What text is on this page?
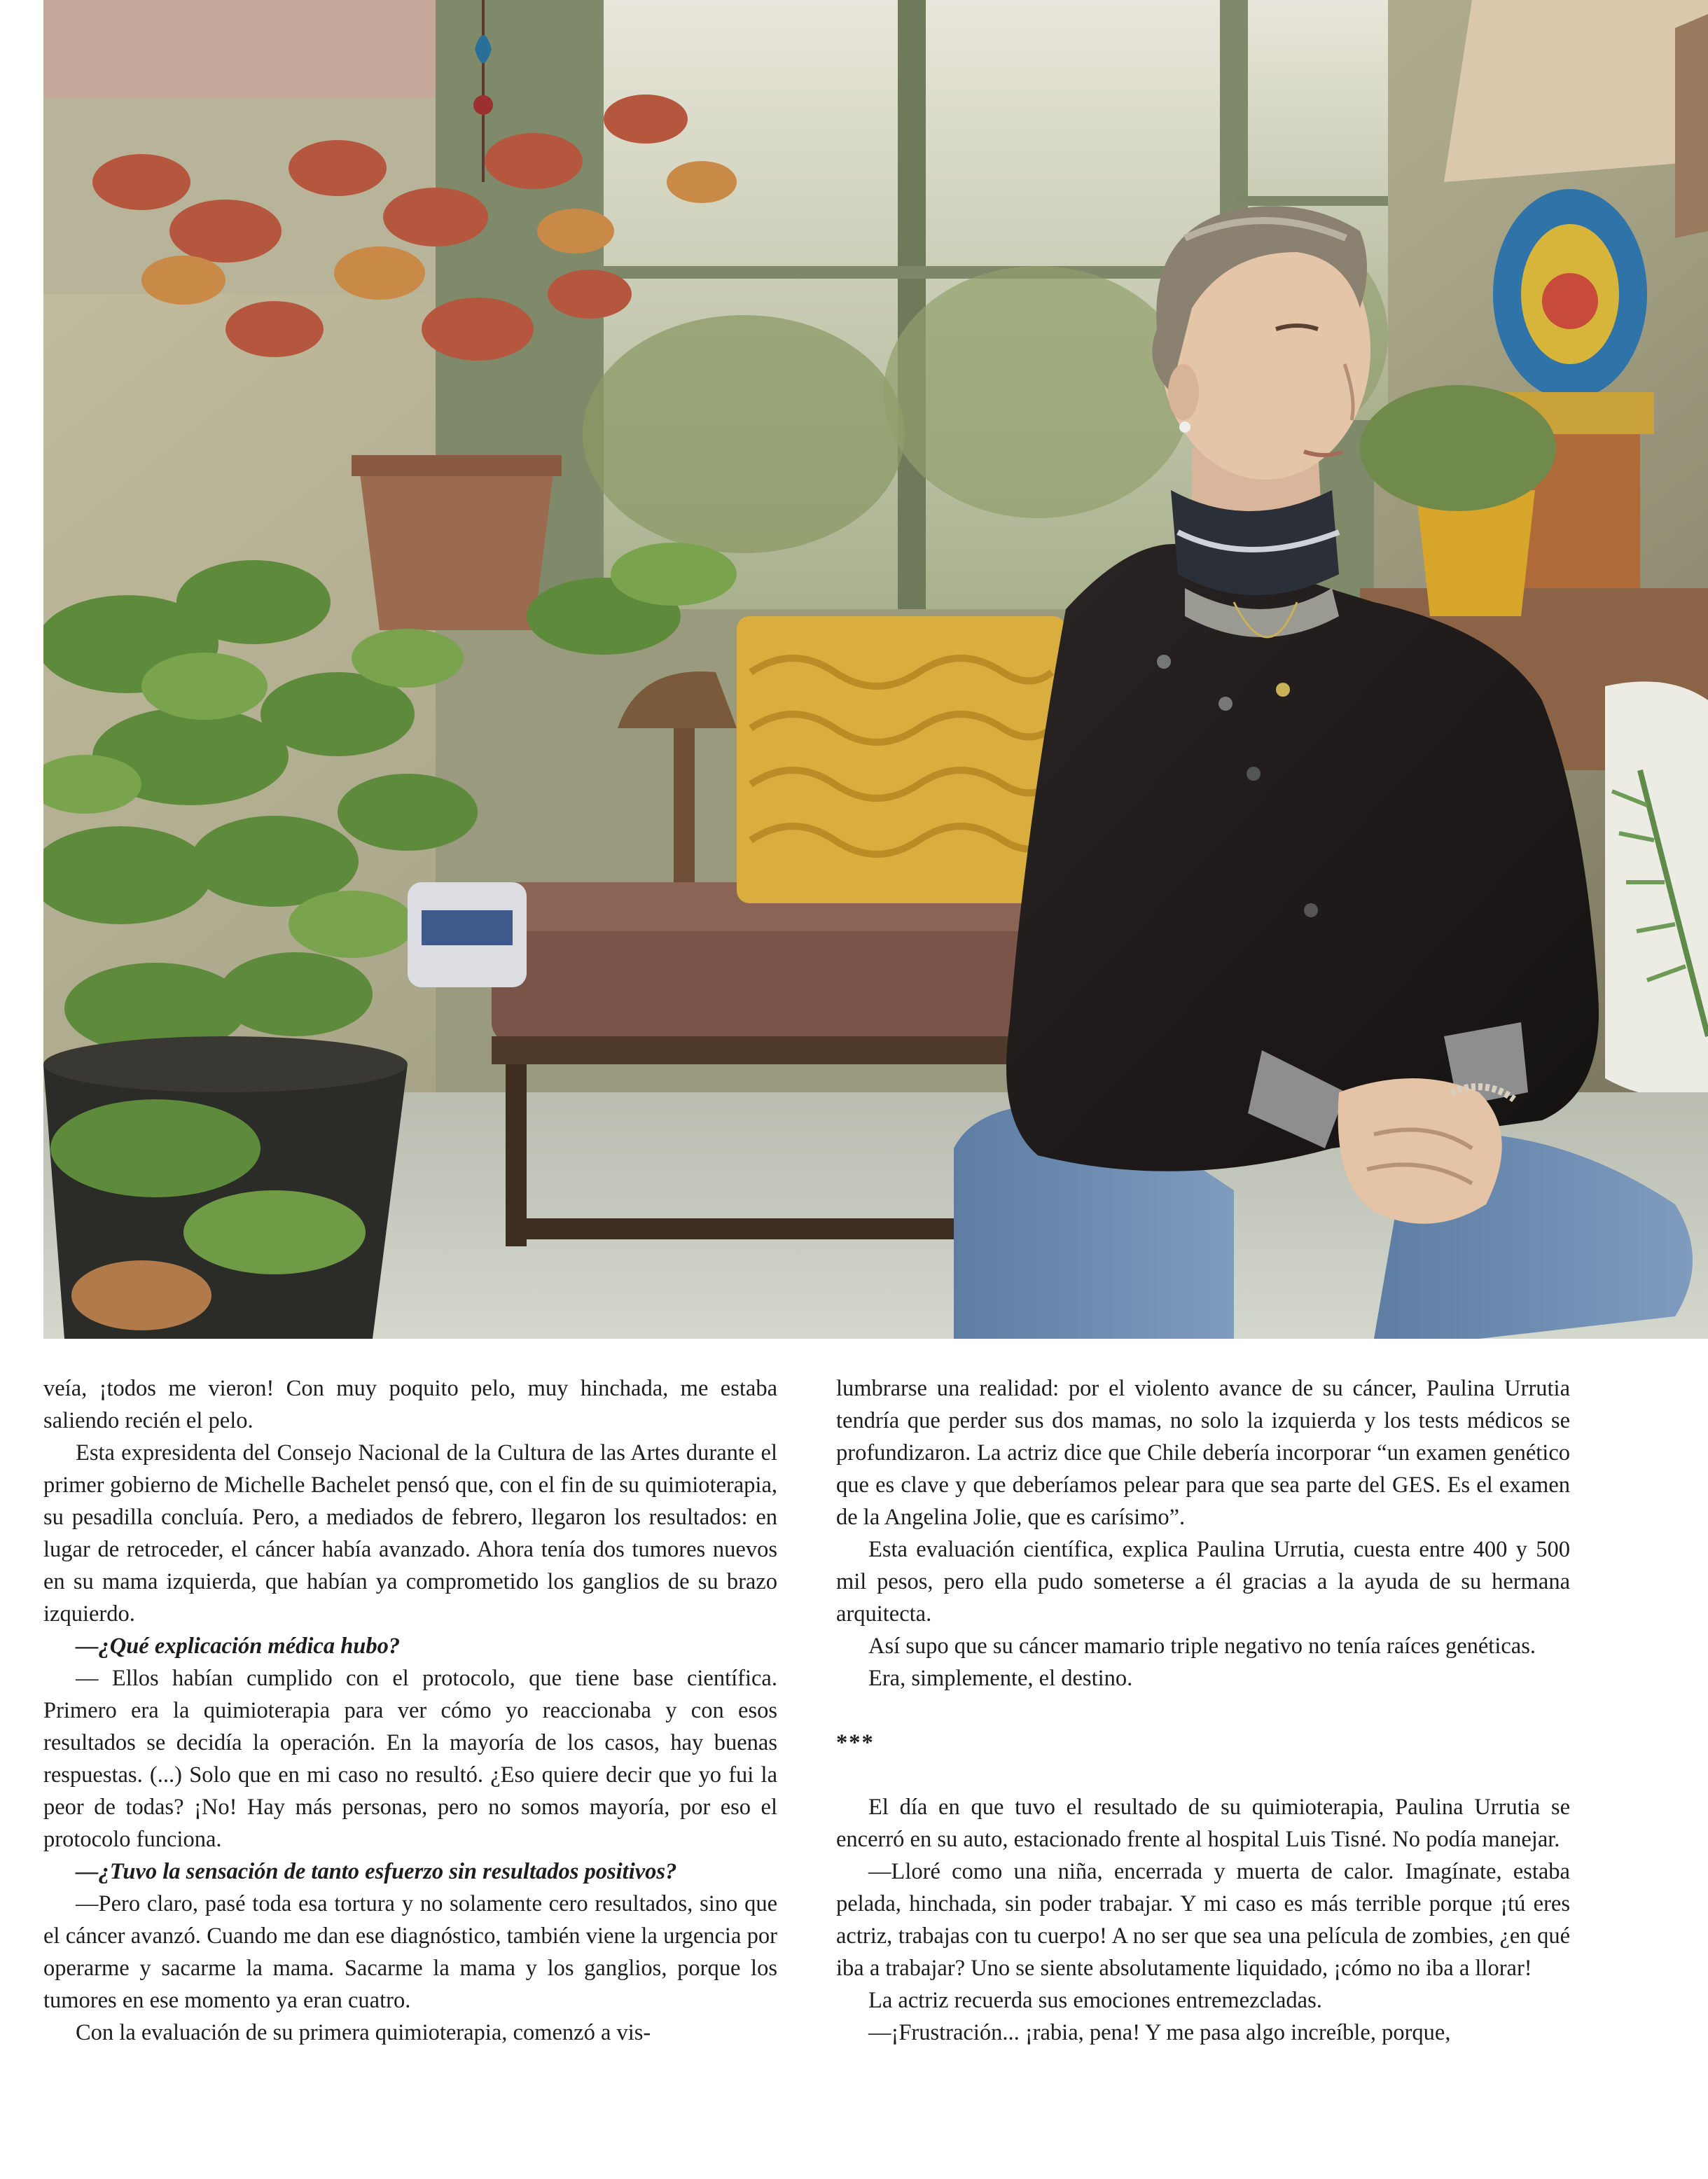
veía, ¡todos me vieron! Con muy poquito pelo, muy hinchada, me estaba saliendo recién el pelo.

Esta expresidenta del Consejo Nacional de la Cultura de las Artes durante el primer gobierno de Michelle Bachelet pensó que, con el fin de su quimioterapia, su pesadilla concluía. Pero, a mediados de febrero, llegaron los resultados: en lugar de retroceder, el cáncer había avanzado. Ahora tenía dos tumores nuevos en su mama izquierda, que habían ya comprometido los ganglios de su brazo izquierdo.

—¿Qué explicación médica hubo?

— Ellos habían cumplido con el protocolo, que tiene base científica. Primero era la quimioterapia para ver cómo yo reaccionaba y con esos resultados se decidía la operación. En la mayoría de los casos, hay buenas respuestas. (...) Solo que en mi caso no resultó. ¿Eso quiere decir que yo fui la peor de todas? ¡No! Hay más personas, pero no somos mayoría, por eso el protocolo funciona.

—¿Tuvo la sensación de tanto esfuerzo sin resultados positivos?

—Pero claro, pasé toda esa tortura y no solamente cero resultados, sino que el cáncer avanzó. Cuando me dan ese diagnóstico, también viene la urgencia por operarme y sacarme la mama. Sacarme la mama y los ganglios, porque los tumores en ese momento ya eran cuatro.

Con la evaluación de su primera quimioterapia, comenzó a vis-

lumbrarse una realidad: por el violento avance de su cáncer, Paulina Urrutia tendría que perder sus dos mamas, no solo la izquierda y los tests médicos se profundizaron. La actriz dice que Chile debería incorporar “un examen genético que es clave y que deberíamos pelear para que sea parte del GES. Es el examen de la Angelina Jolie, que es carísimo”.

Esta evaluación científica, explica Paulina Urrutia, cuesta entre 400 y 500 mil pesos, pero ella pudo someterse a él gracias a la ayuda de su hermana arquitecta.

Así supo que su cáncer mamario triple negativo no tenía raíces genéticas.

Era, simplemente, el destino.

***

El día en que tuvo el resultado de su quimioterapia, Paulina Urrutia se encerró en su auto, estacionado frente al hospital Luis Tisné. No podía manejar.

—Lloré como una niña, encerrada y muerta de calor. Imagínate, estaba pelada, hinchada, sin poder trabajar. Y mi caso es más terrible porque ¡tú eres actriz, trabajas con tu cuerpo! A no ser que sea una película de zombies, ¿en qué iba a trabajar? Uno se siente absolutamente liquidado, ¡cómo no iba a llorar!

La actriz recuerda sus emociones entremezcladas.

—¡Frustración... ¡rabia, pena! Y me pasa algo increíble, porque,
